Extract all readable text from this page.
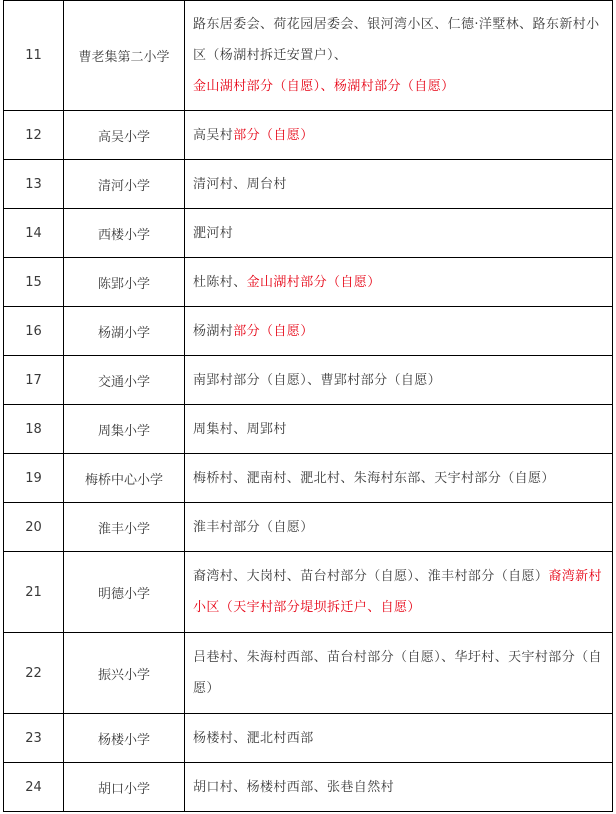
11	曹老集第二小学	路东居委会、荷花园居委会、银河湾小区、仁德·洋墅林、路东新村小区（杨湖村拆迁安置户）、金山湖村部分（自愿）、杨湖村部分（自愿）
12	高吴小学	高吴村部分（自愿）
13	清河小学	清河村、周台村
14	西楼小学	淝河村
15	陈郢小学	杜陈村、金山湖村部分（自愿）
16	杨湖小学	杨湖村部分（自愿）
17	交通小学	南郢村部分（自愿）、曹郢村部分（自愿）
18	周集小学	周集村、周郢村
19	梅桥中心小学	梅桥村、淝南村、淝北村、朱海村东部、天宇村部分（自愿）
20	淮丰小学	淮丰村部分（自愿）
21	明德小学	裔湾村、大岗村、苗台村部分（自愿）、淮丰村部分（自愿）裔湾新村小区（天宇村部分堤坝拆迁户、自愿）
22	振兴小学	吕巷村、朱海村西部、苗台村部分（自愿）、华圩村、天宇村部分（自愿）
23	杨楼小学	杨楼村、淝北村西部
24	胡口小学	胡口村、杨楼村西部、张巷自然村
